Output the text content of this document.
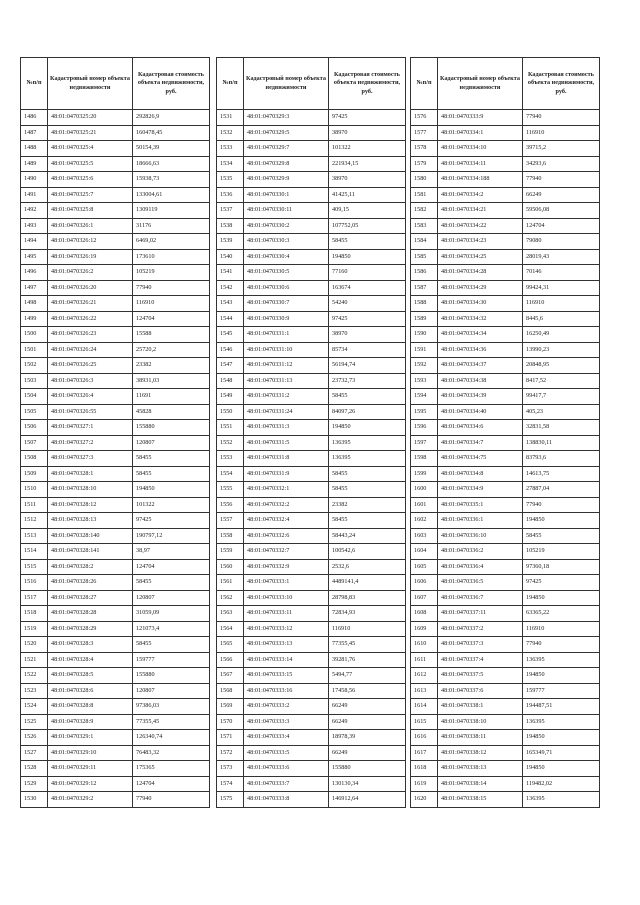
№п/п	Кадастровый номер объекта недвижимости	Кадастровая стоимость объекта недвижимости, руб.
1486	48:01:0470325:20	292826,9
1487	48:01:0470325:21	160478,45
1488	48:01:0470325:4	50154,39
1489	48:01:0470325:5	18666,63
1490	48:01:0470325:6	15938,73
1491	48:01:0470325:7	133004,61
1492	48:01:0470325:8	1309119
1493	48:01:0470326:1	31176
1494	48:01:0470326:12	6469,02
1495	48:01:0470326:19	173610
1496	48:01:0470326:2	105219
1497	48:01:0470326:20	77940
1498	48:01:0470326:21	116910
1499	48:01:0470326:22	124704
1500	48:01:0470326:23	15588
1501	48:01:0470326:24	25720,2
1502	48:01:0470326:25	23382
1503	48:01:0470326:3	38931,03
1504	48:01:0470326:4	11691
1505	48:01:0470326:55	45828
1506	48:01:0470327:1	155880
1507	48:01:0470327:2	120807
1508	48:01:0470327:3	58455
1509	48:01:0470328:1	58455
1510	48:01:0470328:10	194850
1511	48:01:0470328:12	101322
1512	48:01:0470328:13	97425
1513	48:01:0470328:140	190797,12
1514	48:01:0470328:141	38,97
1515	48:01:0470328:2	124704
1516	48:01:0470328:26	58455
1517	48:01:0470328:27	120807
1518	48:01:0470328:28	31059,09
1519	48:01:0470328:29	121073,4
1520	48:01:0470328:3	58455
1521	48:01:0470328:4	159777
1522	48:01:0470328:5	155880
1523	48:01:0470328:6	120807
1524	48:01:0470328:8	97386,03
1525	48:01:0470328:9	77355,45
1526	48:01:0470329:1	126340,74
1527	48:01:0470329:10	76483,32
1528	48:01:0470329:11	175365
1529	48:01:0470329:12	124704
1530	48:01:0470329:2	77940
№п/п	Кадастровый номер объекта недвижимости	Кадастровая стоимость объекта недвижимости, руб.
1531	48:01:0470329:3	97425
1532	48:01:0470329:5	38970
1533	48:01:0470329:7	101322
1534	48:01:0470329:8	221934,15
1535	48:01:0470329:9	38970
1536	48:01:0470330:1	41425,11
1537	48:01:0470330:11	409,15
1538	48:01:0470330:2	107752,05
1539	48:01:0470330:3	58455
1540	48:01:0470330:4	194850
1541	48:01:0470330:5	77160
1542	48:01:0470330:6	163674
1543	48:01:0470330:7	54240
1544	48:01:0470330:9	97425
1545	48:01:0470331:1	38970
1546	48:01:0470331:10	85734
1547	48:01:0470331:12	56194,74
1548	48:01:0470331:13	23732,73
1549	48:01:0470331:2	58455
1550	48:01:0470331:24	84097,26
1551	48:01:0470331:3	194850
1552	48:01:0470331:5	136395
1553	48:01:0470331:8	136395
1554	48:01:0470331:9	58455
1555	48:01:0470332:1	58455
1556	48:01:0470332:2	23382
1557	48:01:0470332:4	58455
1558	48:01:0470332:6	58443,24
1559	48:01:0470332:7	100542,6
1560	48:01:0470332:9	2532,6
1561	48:01:0470333:1	4489141,4
1562	48:01:0470333:10	28798,83
1563	48:01:0470333:11	72834,93
1564	48:01:0470333:12	116910
1565	48:01:0470333:13	77355,45
1566	48:01:0470333:14	39281,76
1567	48:01:0470333:15	5494,77
1568	48:01:0470333:16	17458,56
1569	48:01:0470333:2	66249
1570	48:01:0470333:3	66249
1571	48:01:0470333:4	18978,39
1572	48:01:0470333:5	66249
1573	48:01:0470333:6	155880
1574	48:01:0470333:7	130130,34
1575	48:01:0470333:8	146912,64
№п/п	Кадастровый номер объекта недвижимости	Кадастровая стоимость объекта недвижимости, руб.
1576	48:01:0470333:9	77940
1577	48:01:0470334:1	116910
1578	48:01:0470334:10	39715,2
1579	48:01:0470334:11	34293,6
1580	48:01:0470334:188	77940
1581	48:01:0470334:2	66249
1582	48:01:0470334:21	59506,08
1583	48:01:0470334:22	124704
1584	48:01:0470334:23	79080
1585	48:01:0470334:25	28019,43
1586	48:01:0470334:28	70146
1587	48:01:0470334:29	99424,31
1588	48:01:0470334:30	116910
1589	48:01:0470334:32	8445,6
1590	48:01:0470334:34	16250,49
1591	48:01:0470334:36	13990,23
1592	48:01:0470334:37	20848,95
1593	48:01:0470334:38	8417,52
1594	48:01:0470334:39	99417,7
1595	48:01:0470334:40	405,23
1596	48:01:0470334:6	32831,58
1597	48:01:0470334:7	138830,11
1598	48:01:0470334:75	83793,6
1599	48:01:0470334:8	14613,75
1600	48:01:0470334:9	27887,04
1601	48:01:0470335:1	77940
1602	48:01:0470336:1	194850
1603	48:01:0470336:10	58455
1604	48:01:0470336:2	105219
1605	48:01:0470336:4	97360,18
1606	48:01:0470336:5	97425
1607	48:01:0470336:7	194850
1608	48:01:0470337:11	63365,22
1609	48:01:0470337:2	116910
1610	48:01:0470337:3	77940
1611	48:01:0470337:4	136395
1612	48:01:0470337:5	194850
1613	48:01:0470337:6	159777
1614	48:01:0470338:1	194487,51
1615	48:01:0470338:10	136395
1616	48:01:0470338:11	194850
1617	48:01:0470338:12	165349,71
1618	48:01:0470338:13	194850
1619	48:01:0470338:14	119482,02
1620	48:01:0470338:15	136395
